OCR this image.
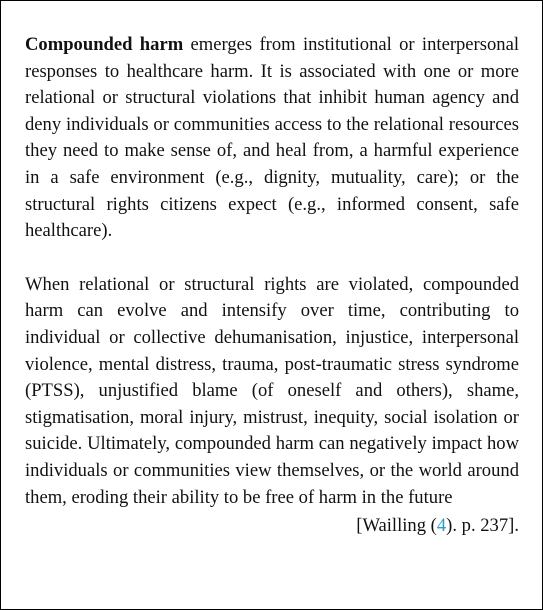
Compounded harm emerges from institutional or interpersonal responses to healthcare harm. It is associated with one or more relational or structural violations that inhibit human agency and deny individuals or communities access to the relational resources they need to make sense of, and heal from, a harmful experience in a safe environment (e.g., dignity, mutuality, care); or the structural rights citizens expect (e.g., informed consent, safe healthcare).

When relational or structural rights are violated, compounded harm can evolve and intensify over time, contributing to individual or collective dehumanisation, injustice, interpersonal violence, mental distress, trauma, post-traumatic stress syndrome (PTSS), unjustified blame (of oneself and others), shame, stigmatisation, moral injury, mistrust, inequity, social isolation or suicide. Ultimately, compounded harm can negatively impact how individuals or communities view themselves, or the world around them, eroding their ability to be free of harm in the future

[Wailling (4). p. 237].
